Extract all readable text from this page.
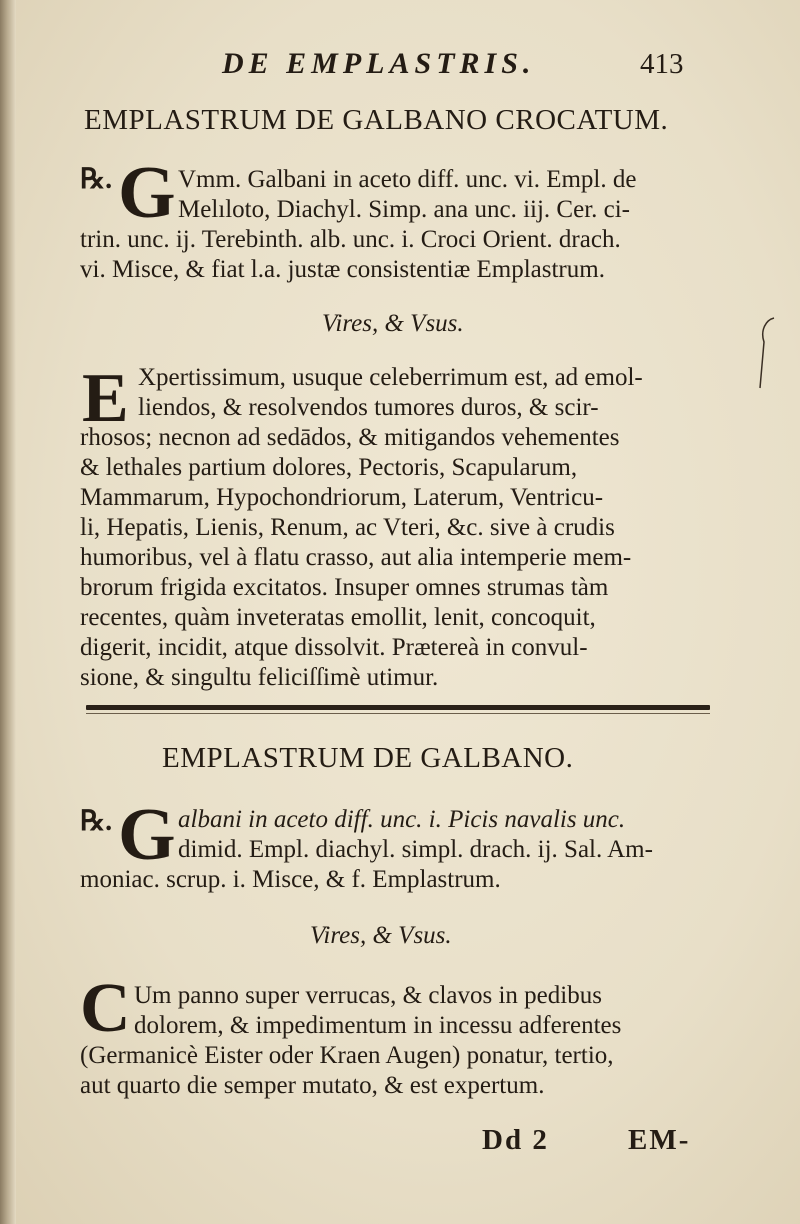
DE EMPLASTRIS.	413
EMPLASTRUM DE GALBANO CROCATUM.
℞. G Vmm. Galbani in aceto diff. unc. vi. Empl. de
Melıloto, Diachyl. Simp. ana unc. iij. Cer. ci-
trin. unc. ij. Terebinth. alb. unc. i. Croci Orient. drach.
vi. Misce, & fiat l.a. justæ consistentiæ Emplastrum.
Vires, & Vsus.
E Xpertissimum, usuque celeberrimum est, ad emol-
liendos, & resolvendos tumores duros, & scir-
rhosos; necnon ad sedādos, & mitigandos vehementes
& lethales partium dolores, Pectoris, Scapularum,
Mammarum, Hypochondriorum, Laterum, Ventricu-
li, Hepatis, Lienis, Renum, ac Vteri, &c. sive à crudis
humoribus, vel à flatu crasso, aut alia intemperie mem-
brorum frigida excitatos. Insuper omnes strumas tàm
recentes, quàm inveteratas emollit, lenit, concoquit,
digerit, incidit, atque dissolvit. Prætereà in convul-
sione, & singultu feliciſſimè utimur.
EMPLASTRUM DE GALBANO.
℞. G albani in aceto diff. unc. i. Picis navalis unc.
dimid. Empl. diachyl. simpl. drach. ij. Sal. Am-
moniac. scrup. i. Misce, & f. Emplastrum.
Vires, & Vsus.
C Um panno super verrucas, & clavos in pedibus
dolorem, & impedimentum in incessu adferentes
(Germanicè Eister oder Kraen Augen) ponatur, tertio,
aut quarto die semper mutato, & est expertum.
Dd 2	EM-
